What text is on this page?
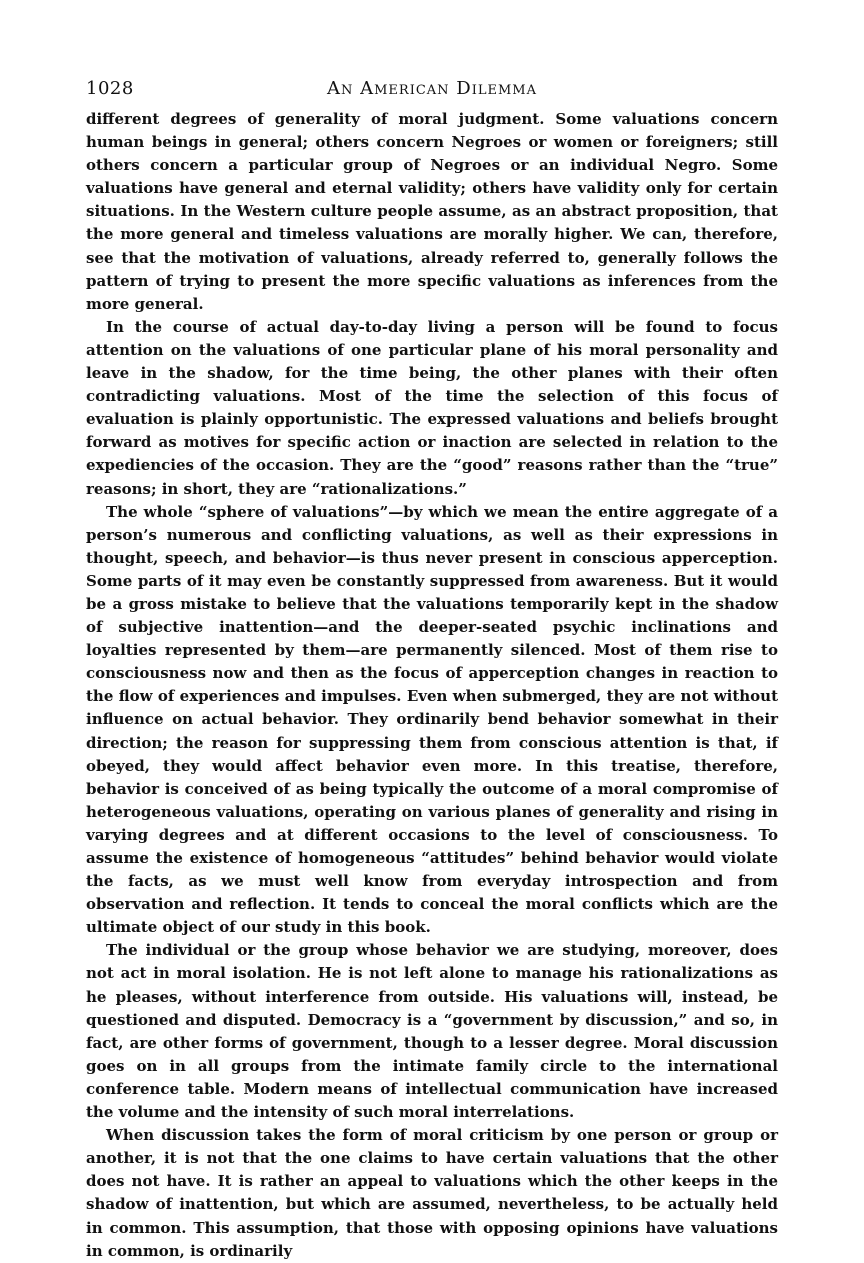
1028	An American Dilemma

different degrees of generality of moral judgment. Some valuations concern human beings in general; others concern Negroes or women or foreigners; still others concern a particular group of Negroes or an individual Negro. Some valuations have general and eternal validity; others have validity only for certain situations. In the Western culture people assume, as an abstract proposition, that the more general and timeless valuations are morally higher. We can, therefore, see that the motivation of valuations, already referred to, generally follows the pattern of trying to present the more specific valuations as inferences from the more general.

In the course of actual day-to-day living a person will be found to focus attention on the valuations of one particular plane of his moral personality and leave in the shadow, for the time being, the other planes with their often contradicting valuations. Most of the time the selection of this focus of evaluation is plainly opportunistic. The expressed valuations and beliefs brought forward as motives for specific action or inaction are selected in relation to the expediencies of the occasion. They are the “good” reasons rather than the “true” reasons; in short, they are “rationalizations.”

The whole “sphere of valuations”—by which we mean the entire aggregate of a person’s numerous and conflicting valuations, as well as their expressions in thought, speech, and behavior—is thus never present in conscious apperception. Some parts of it may even be constantly suppressed from awareness. But it would be a gross mistake to believe that the valuations temporarily kept in the shadow of subjective inattention—and the deeper-seated psychic inclinations and loyalties represented by them—are permanently silenced. Most of them rise to consciousness now and then as the focus of apperception changes in reaction to the flow of experiences and impulses. Even when submerged, they are not without influence on actual behavior. They ordinarily bend behavior somewhat in their direction; the reason for suppressing them from conscious attention is that, if obeyed, they would affect behavior even more. In this treatise, therefore, behavior is conceived of as being typically the outcome of a moral compromise of heterogeneous valuations, operating on various planes of generality and rising in varying degrees and at different occasions to the level of consciousness. To assume the existence of homogeneous “attitudes” behind behavior would violate the facts, as we must well know from everyday introspection and from observation and reflection. It tends to conceal the moral conflicts which are the ultimate object of our study in this book.

The individual or the group whose behavior we are studying, moreover, does not act in moral isolation. He is not left alone to manage his rationalizations as he pleases, without interference from outside. His valuations will, instead, be questioned and disputed. Democracy is a “government by discussion,” and so, in fact, are other forms of government, though to a lesser degree. Moral discussion goes on in all groups from the intimate family circle to the international conference table. Modern means of intellectual communication have increased the volume and the intensity of such moral interrelations.

When discussion takes the form of moral criticism by one person or group or another, it is not that the one claims to have certain valuations that the other does not have. It is rather an appeal to valuations which the other keeps in the shadow of inattention, but which are assumed, nevertheless, to be actually held in common. This assumption, that those with opposing opinions have valuations in common, is ordinarily
